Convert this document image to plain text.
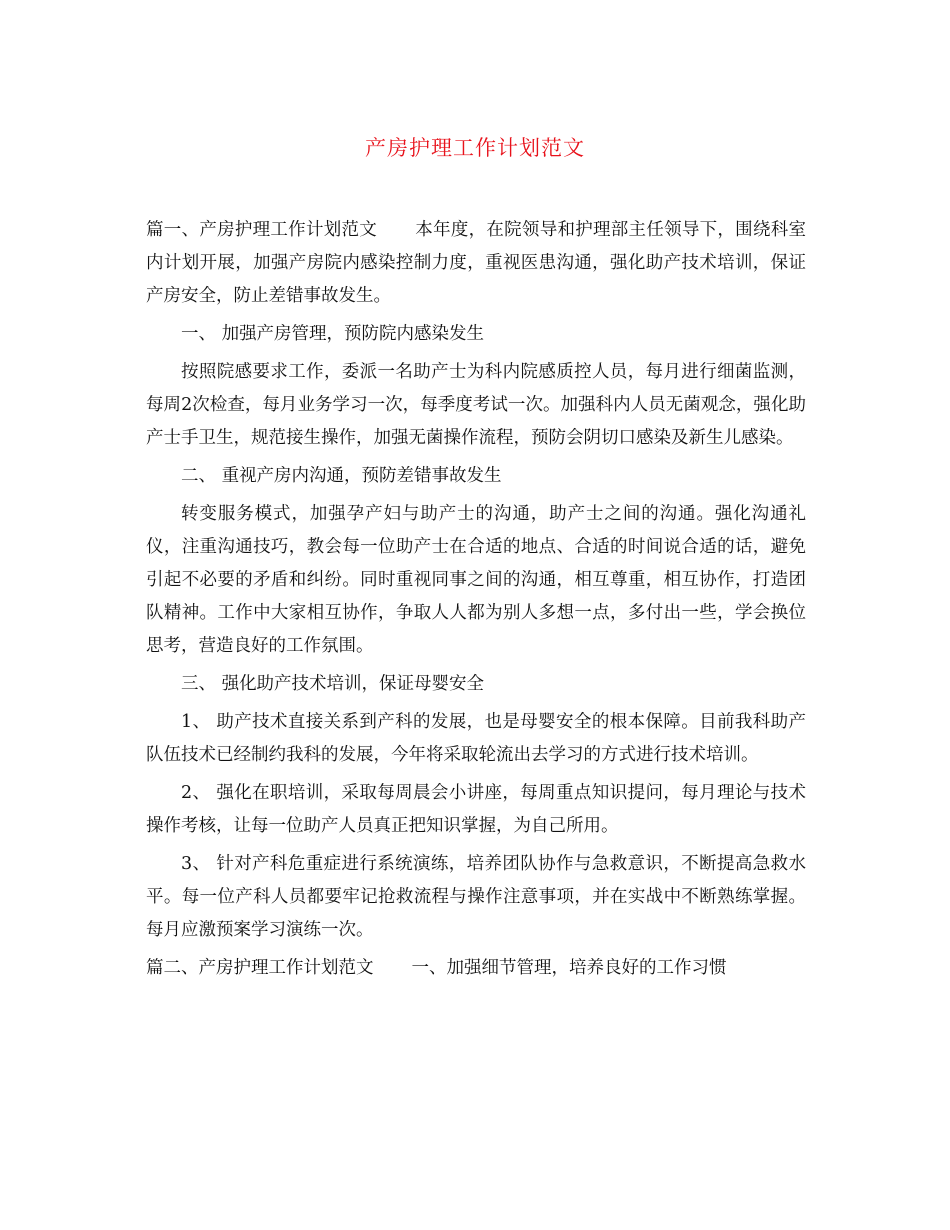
产房护理工作计划范文

篇一、产房护理工作计划范文 本年度，在院领导和护理部主任领导下，围绕科室内计划开展，加强产房院内感染控制力度，重视医患沟通，强化助产技术培训，保证产房安全，防止差错事故发生。

一、 加强产房管理，预防院内感染发生

按照院感要求工作，委派一名助产士为科内院感质控人员，每月进行细菌监测，每周2次检查，每月业务学习一次，每季度考试一次。加强科内人员无菌观念，强化助产士手卫生，规范接生操作，加强无菌操作流程，预防会阴切口感染及新生儿感染。

二、 重视产房内沟通，预防差错事故发生

转变服务模式，加强孕产妇与助产士的沟通，助产士之间的沟通。强化沟通礼仪，注重沟通技巧，教会每一位助产士在合适的地点、合适的时间说合适的话，避免引起不必要的矛盾和纠纷。同时重视同事之间的沟通，相互尊重，相互协作，打造团队精神。工作中大家相互协作，争取人人都为别人多想一点，多付出一些，学会换位思考，营造良好的工作氛围。

三、 强化助产技术培训，保证母婴安全

1、 助产技术直接关系到产科的发展，也是母婴安全的根本保障。目前我科助产队伍技术已经制约我科的发展，今年将采取轮流出去学习的方式进行技术培训。

2、 强化在职培训，采取每周晨会小讲座，每周重点知识提问，每月理论与技术操作考核，让每一位助产人员真正把知识掌握，为自己所用。

3、 针对产科危重症进行系统演练，培养团队协作与急救意识，不断提高急救水平。每一位产科人员都要牢记抢救流程与操作注意事项，并在实战中不断熟练掌握。每月应激预案学习演练一次。

篇二、产房护理工作计划范文 一、加强细节管理，培养良好的工作习惯
